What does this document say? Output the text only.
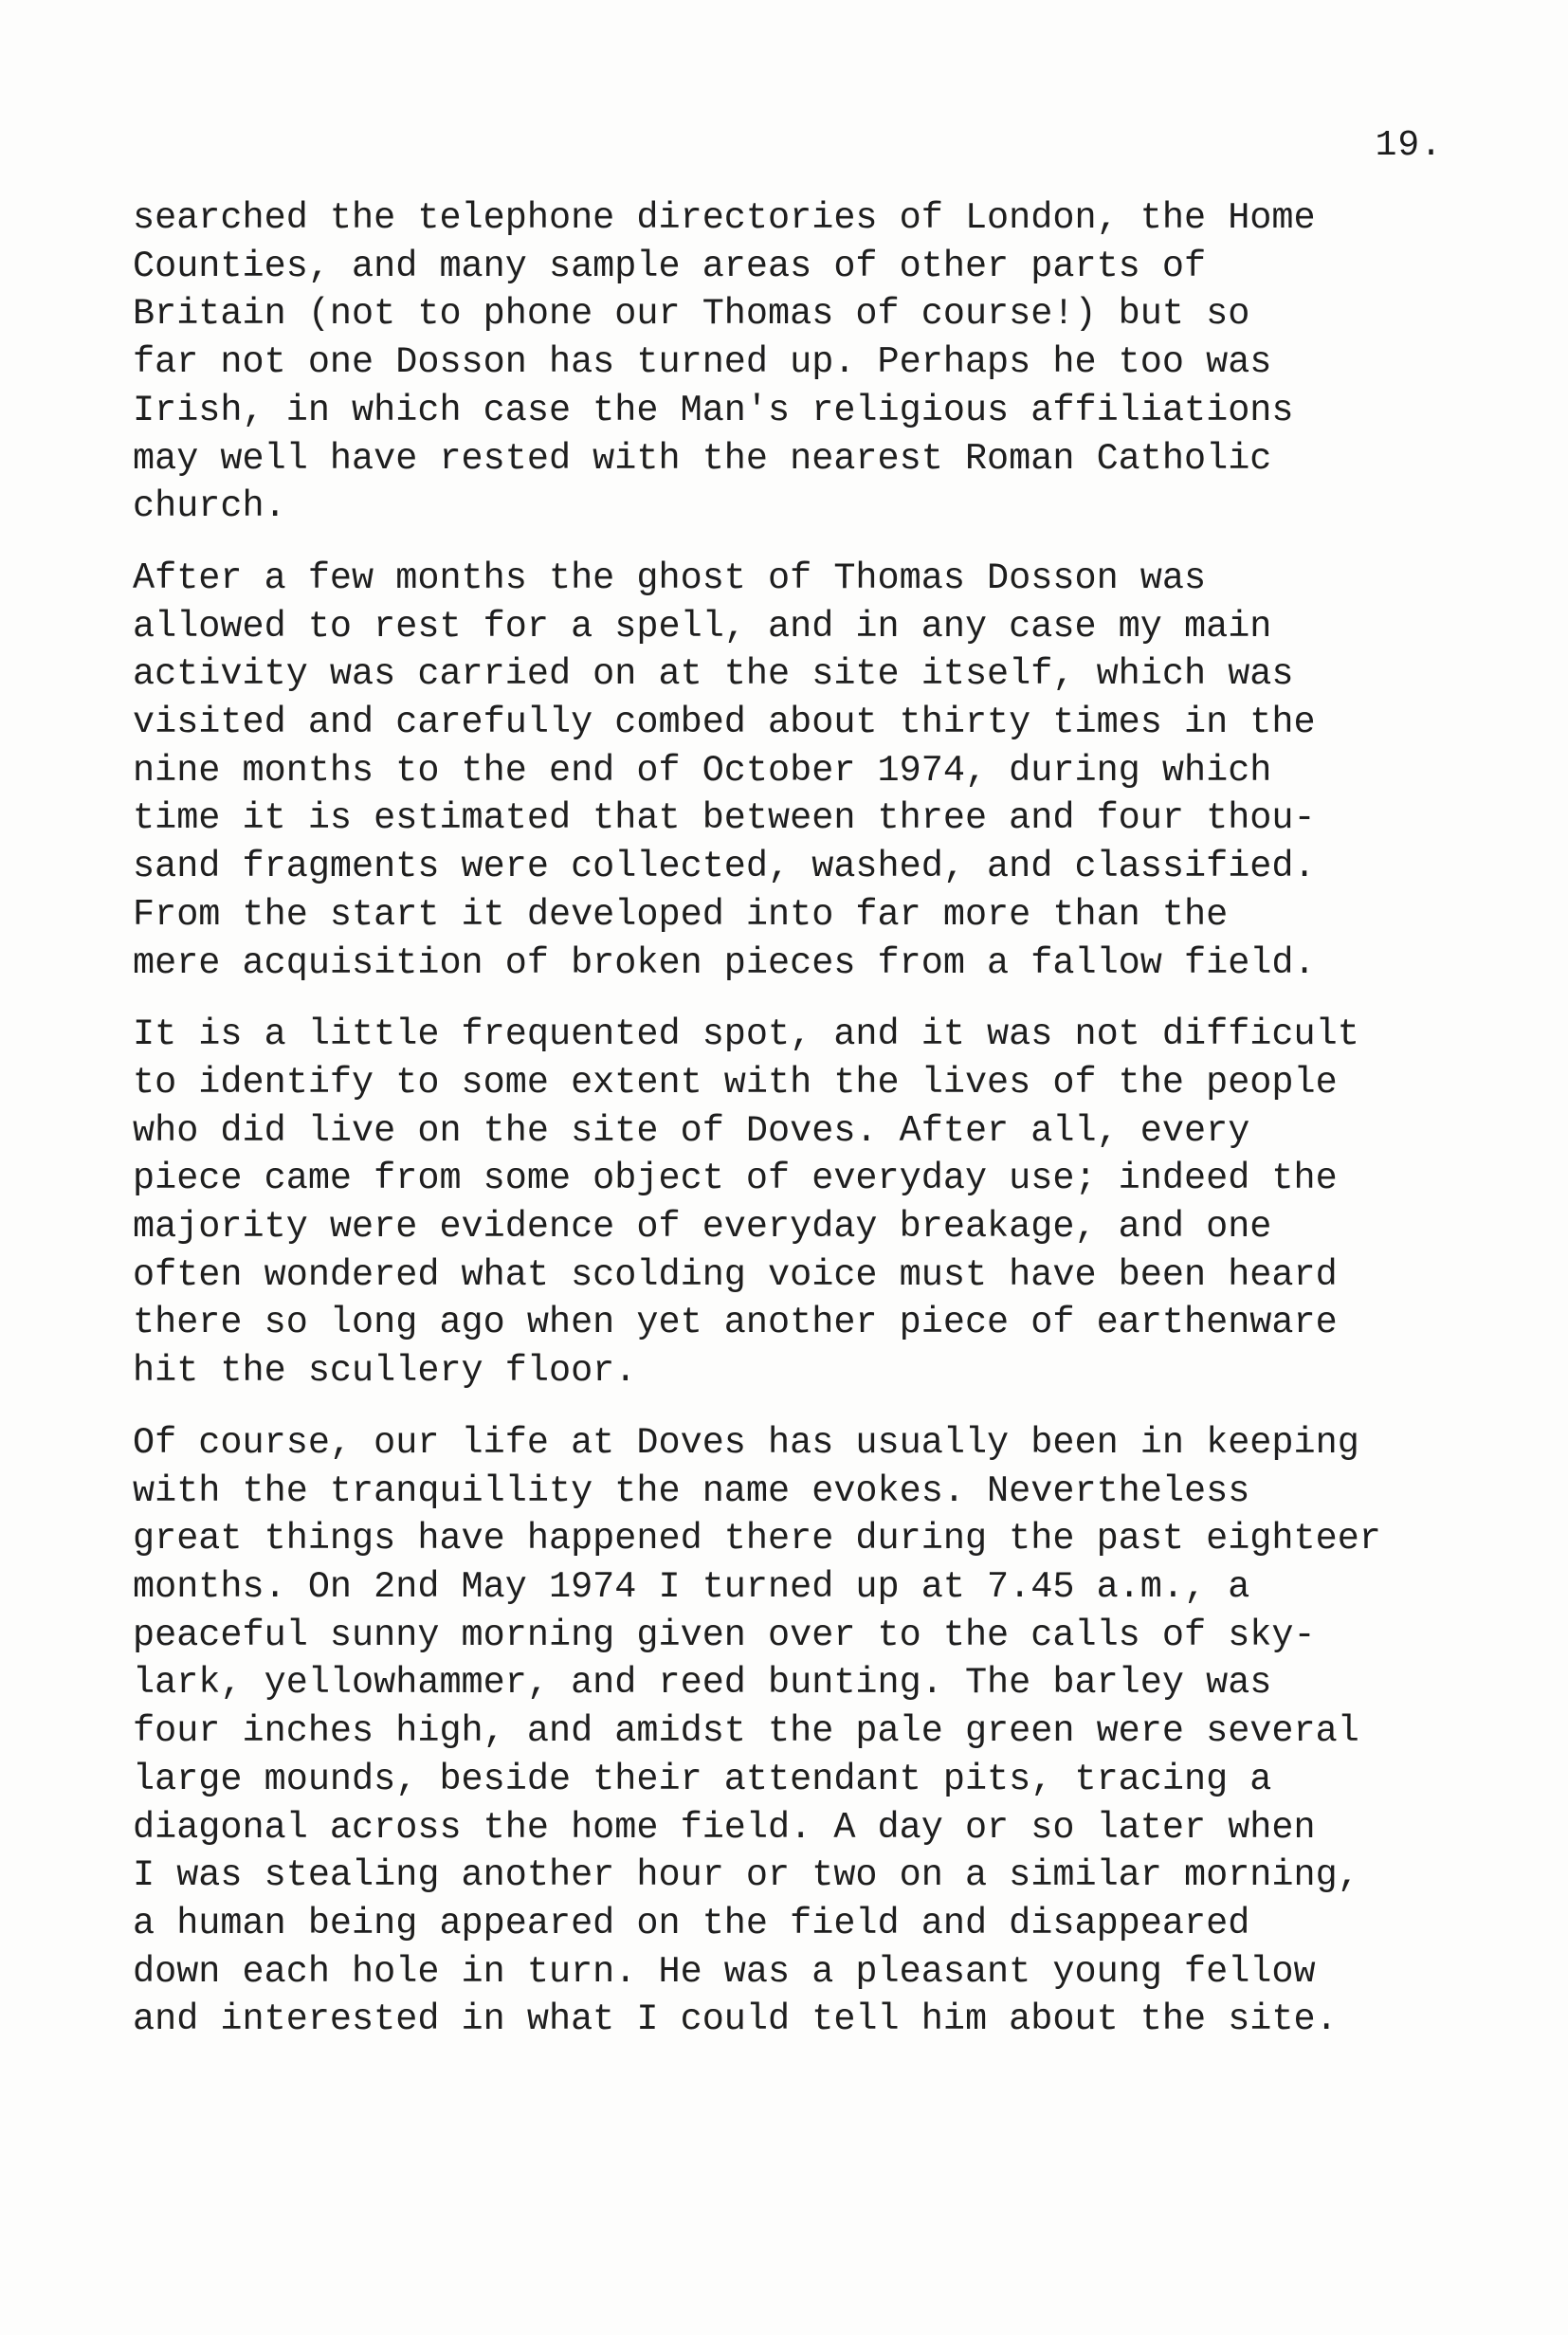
19.
searched the telephone directories of London, the Home
Counties, and many sample areas of other parts of
Britain (not to phone our Thomas of course!) but so
far not one Dosson has turned up. Perhaps he too was
Irish, in which case the Man's religious affiliations
may well have rested with the nearest Roman Catholic
church.
After a few months the ghost of Thomas Dosson was
allowed to rest for a spell, and in any case my main
activity was carried on at the site itself, which was
visited and carefully combed about thirty times in the
nine months to the end of October 1974, during which
time it is estimated that between three and four thou-
sand fragments were collected, washed, and classified.
From the start it developed into far more than the
mere acquisition of broken pieces from a fallow field.
It is a little frequented spot, and it was not difficult
to identify to some extent with the lives of the people
who did live on the site of Doves. After all, every
piece came from some object of everyday use; indeed the
majority were evidence of everyday breakage, and one
often wondered what scolding voice must have been heard
there so long ago when yet another piece of earthenware
hit the scullery floor.
Of course, our life at Doves has usually been in keeping
with the tranquillity the name evokes. Nevertheless
great things have happened there during the past eighteer
months. On 2nd May 1974 I turned up at 7.45 a.m., a
peaceful sunny morning given over to the calls of sky-
lark, yellowhammer, and reed bunting. The barley was
four inches high, and amidst the pale green were several
large mounds, beside their attendant pits, tracing a
diagonal across the home field. A day or so later when
I was stealing another hour or two on a similar morning,
a human being appeared on the field and disappeared
down each hole in turn. He was a pleasant young fellow
and interested in what I could tell him about the site.
